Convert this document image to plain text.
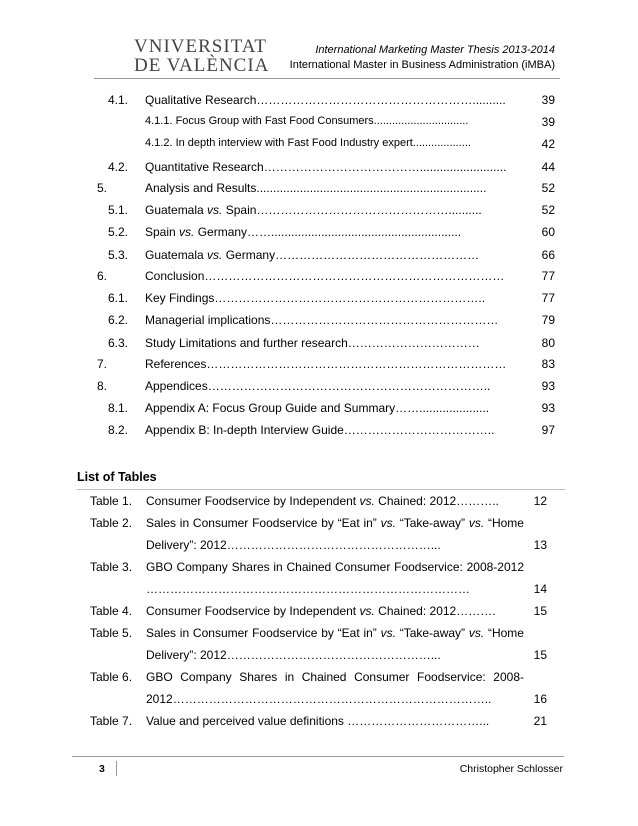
VNIVERSITAT
DE VALÈNCIA
International Marketing Master Thesis 2013-2014
International Master in Business Administration (iMBA)
4.1. Qualitative Research………………………………………………..........	39
4.1.1. Focus Group with Fast Food Consumers...............................	39
4.1.2. In depth interview with Fast Food Industry expert...................	42
4.2. Quantitative Research…………………………………..........................	44
5.	Analysis and Results.....................................................................	52
5.1. Guatemala vs. Spain…………………………………………..........	52
5.2. Spain vs. Germany…….........................................................	60
5.3. Guatemala vs. Germany……………………………………………	66
6.	Conclusion…………………………………………………………………	77
6.1. Key Findings…………………………………………………………..	77
6.2. Managerial implications…………………………………………………	79
6.3. Study Limitations and further research……………………………	80
7.	References…………………………………………………………………	83
8.	Appendices……………………………………………………………..	93
8.1. Appendix A: Focus Group Guide and Summary…….....................	93
8.2. Appendix B: In-depth Interview Guide………………………………..	97
List of Tables
Table 1. Consumer Foodservice by Independent vs. Chained: 2012………..	12
Table 2. Sales in Consumer Foodservice by “Eat in” vs. “Take-away” vs. “Home Delivery”: 2012……………………………………………...	13
Table 3. GBO Company Shares in Chained Consumer Foodservice: 2008-2012 ………………………………………………………………………	14
Table 4. Consumer Foodservice by Independent vs. Chained: 2012……….	15
Table 5. Sales in Consumer Foodservice by “Eat in” vs. “Take-away” vs. “Home Delivery”: 2012……………………………………………...	15
Table 6. GBO Company Shares in Chained Consumer Foodservice: 2008-2012……………………………………………………………………..	16
Table 7. Value and perceived value definitions ……………………………...	21
3	Christopher Schlosser
